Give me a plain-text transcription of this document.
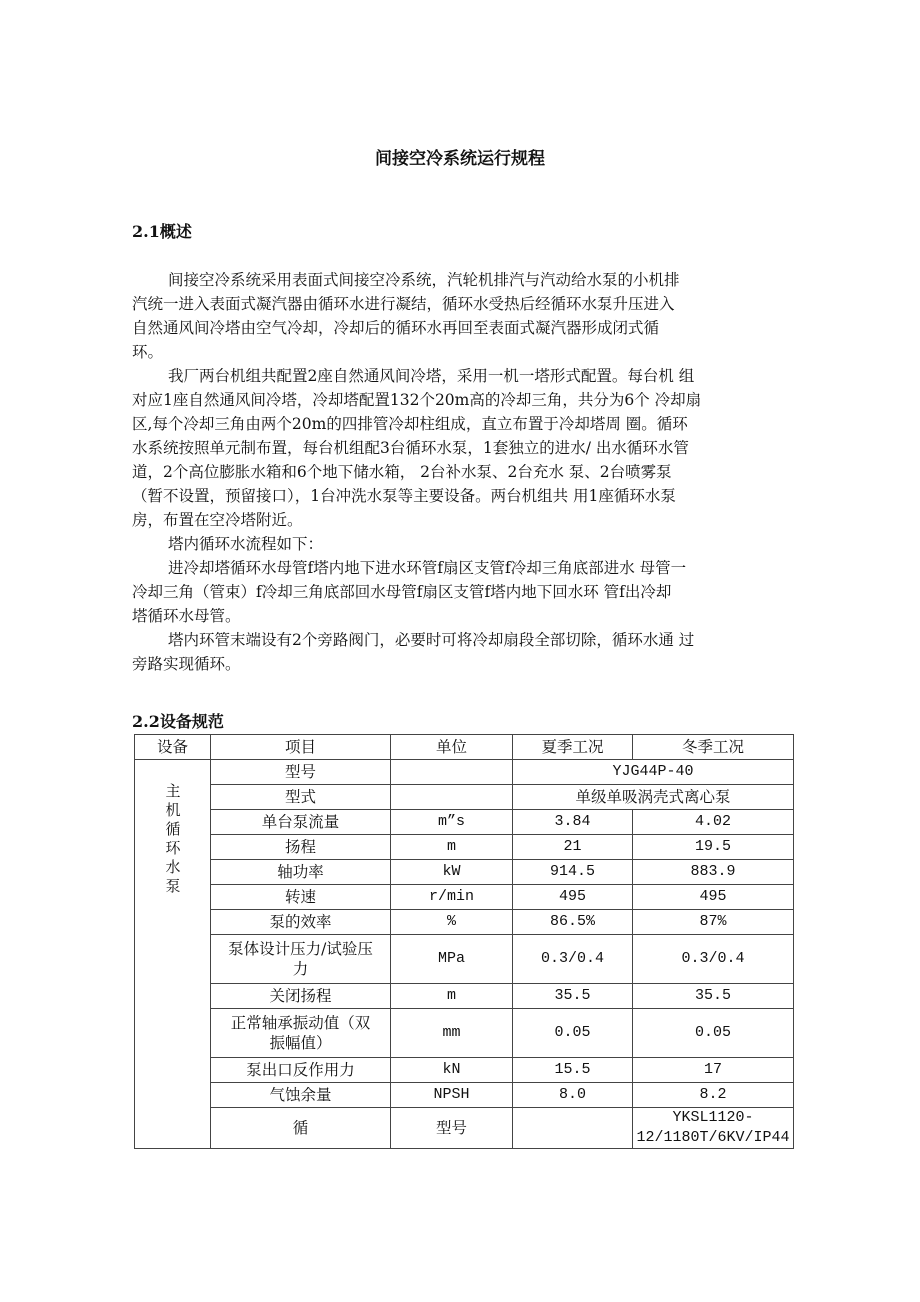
间接空冷系统运行规程
2.1概述
间接空冷系统采用表面式间接空冷系统，汽轮机排汽与汽动给水泵的小机排
汽统一进入表面式凝汽器由循环水进行凝结，循环水受热后经循环水泵升压进入
自然通风间冷塔由空气冷却，冷却后的循环水再回至表面式凝汽器形成闭式循
环。
我厂两台机组共配置2座自然通风间冷塔，采用一机一塔形式配置。每台机 组
对应1座自然通风间冷塔，冷却塔配置132个20m高的冷却三角，共分为6个 冷却扇
区,每个冷却三角由两个20m的四排管冷却柱组成，直立布置于冷却塔周 圈。循环
水系统按照单元制布置，每台机组配3台循环水泵，1套独立的进水/ 出水循环水管
道，2个高位膨胀水箱和6个地下储水箱， 2台补水泵、2台充水 泵、2台喷雾泵
（暂不设置，预留接口），1台冲洗水泵等主要设备。两台机组共 用1座循环水泵
房，布置在空冷塔附近。
塔内循环水流程如下：
进冷却塔循环水母管f塔内地下进水环管f扇区支管f冷却三角底部进水 母管一
冷却三角（管束）f冷却三角底部回水母管f扇区支管f塔内地下回水环 管f出冷却
塔循环水母管。
塔内环管末端设有2个旁路阀门，必要时可将冷却扇段全部切除，循环水通 过
旁路实现循环。
2.2设备规范
设备	项目	单位	夏季工况	冬季工况

主机循环水泵	型号		YJG44P-40	
	型式		单级单吸涡壳式离心泵	
	单台泵流量	m”s	3.84	4.02
	扬程	m	21	19.5
	轴功率	kW	914.5	883.9
	转速	r/min	495	495
	泵的效率	%	86.5%	87%
	泵体设计压力/试验压力	MPa	0.3/0.4	0.3/0.4
	关闭扬程	m	35.5	35.5
	正常轴承振动值（双振幅值）	mm	0.05	0.05
	泵出口反作用力	kN	15.5	17
	气蚀余量	NPSH	8.0	8.2
	循	型号		YKSL1120-12/1180T/6KV/IP44
